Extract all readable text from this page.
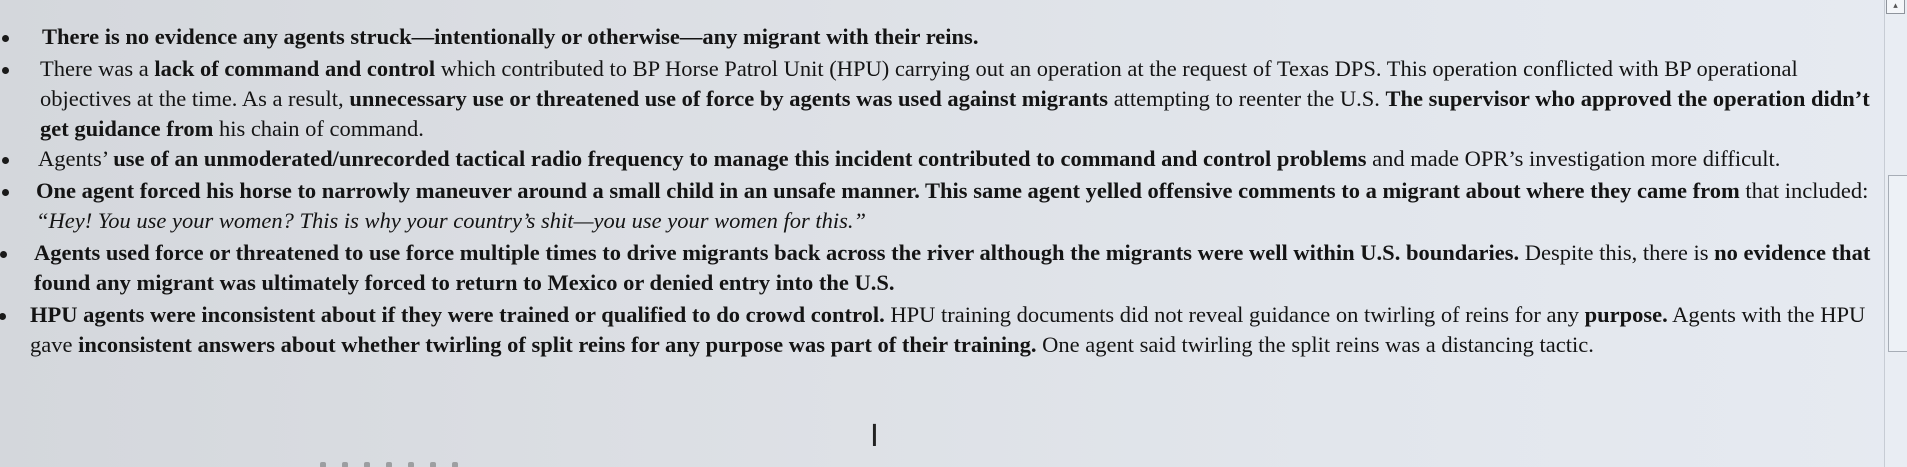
There is no evidence any agents struck—intentionally or otherwise—any migrant with their reins.
There was a lack of command and control which contributed to BP Horse Patrol Unit (HPU) carrying out an operation at the request of Texas DPS. This operation conflicted with BP operational objectives at the time. As a result, unnecessary use or threatened use of force by agents was used against migrants attempting to reenter the U.S. The supervisor who approved the operation didn’t get guidance from his chain of command.
Agents’ use of an unmoderated/unrecorded tactical radio frequency to manage this incident contributed to command and control problems and made OPR’s investigation more difficult.
One agent forced his horse to narrowly maneuver around a small child in an unsafe manner. This same agent yelled offensive comments to a migrant about where they came from that included: “Hey! You use your women? This is why your country’s shit—you use your women for this.”
Agents used force or threatened to use force multiple times to drive migrants back across the river although the migrants were well within U.S. boundaries. Despite this, there is no evidence that found any migrant was ultimately forced to return to Mexico or denied entry into the U.S.
HPU agents were inconsistent about if they were trained or qualified to do crowd control. HPU training documents did not reveal guidance on twirling of reins for any purpose. Agents with the HPU gave inconsistent answers about whether twirling of split reins for any purpose was part of their training. One agent said twirling the split reins was a distancing tactic.
I
▴
